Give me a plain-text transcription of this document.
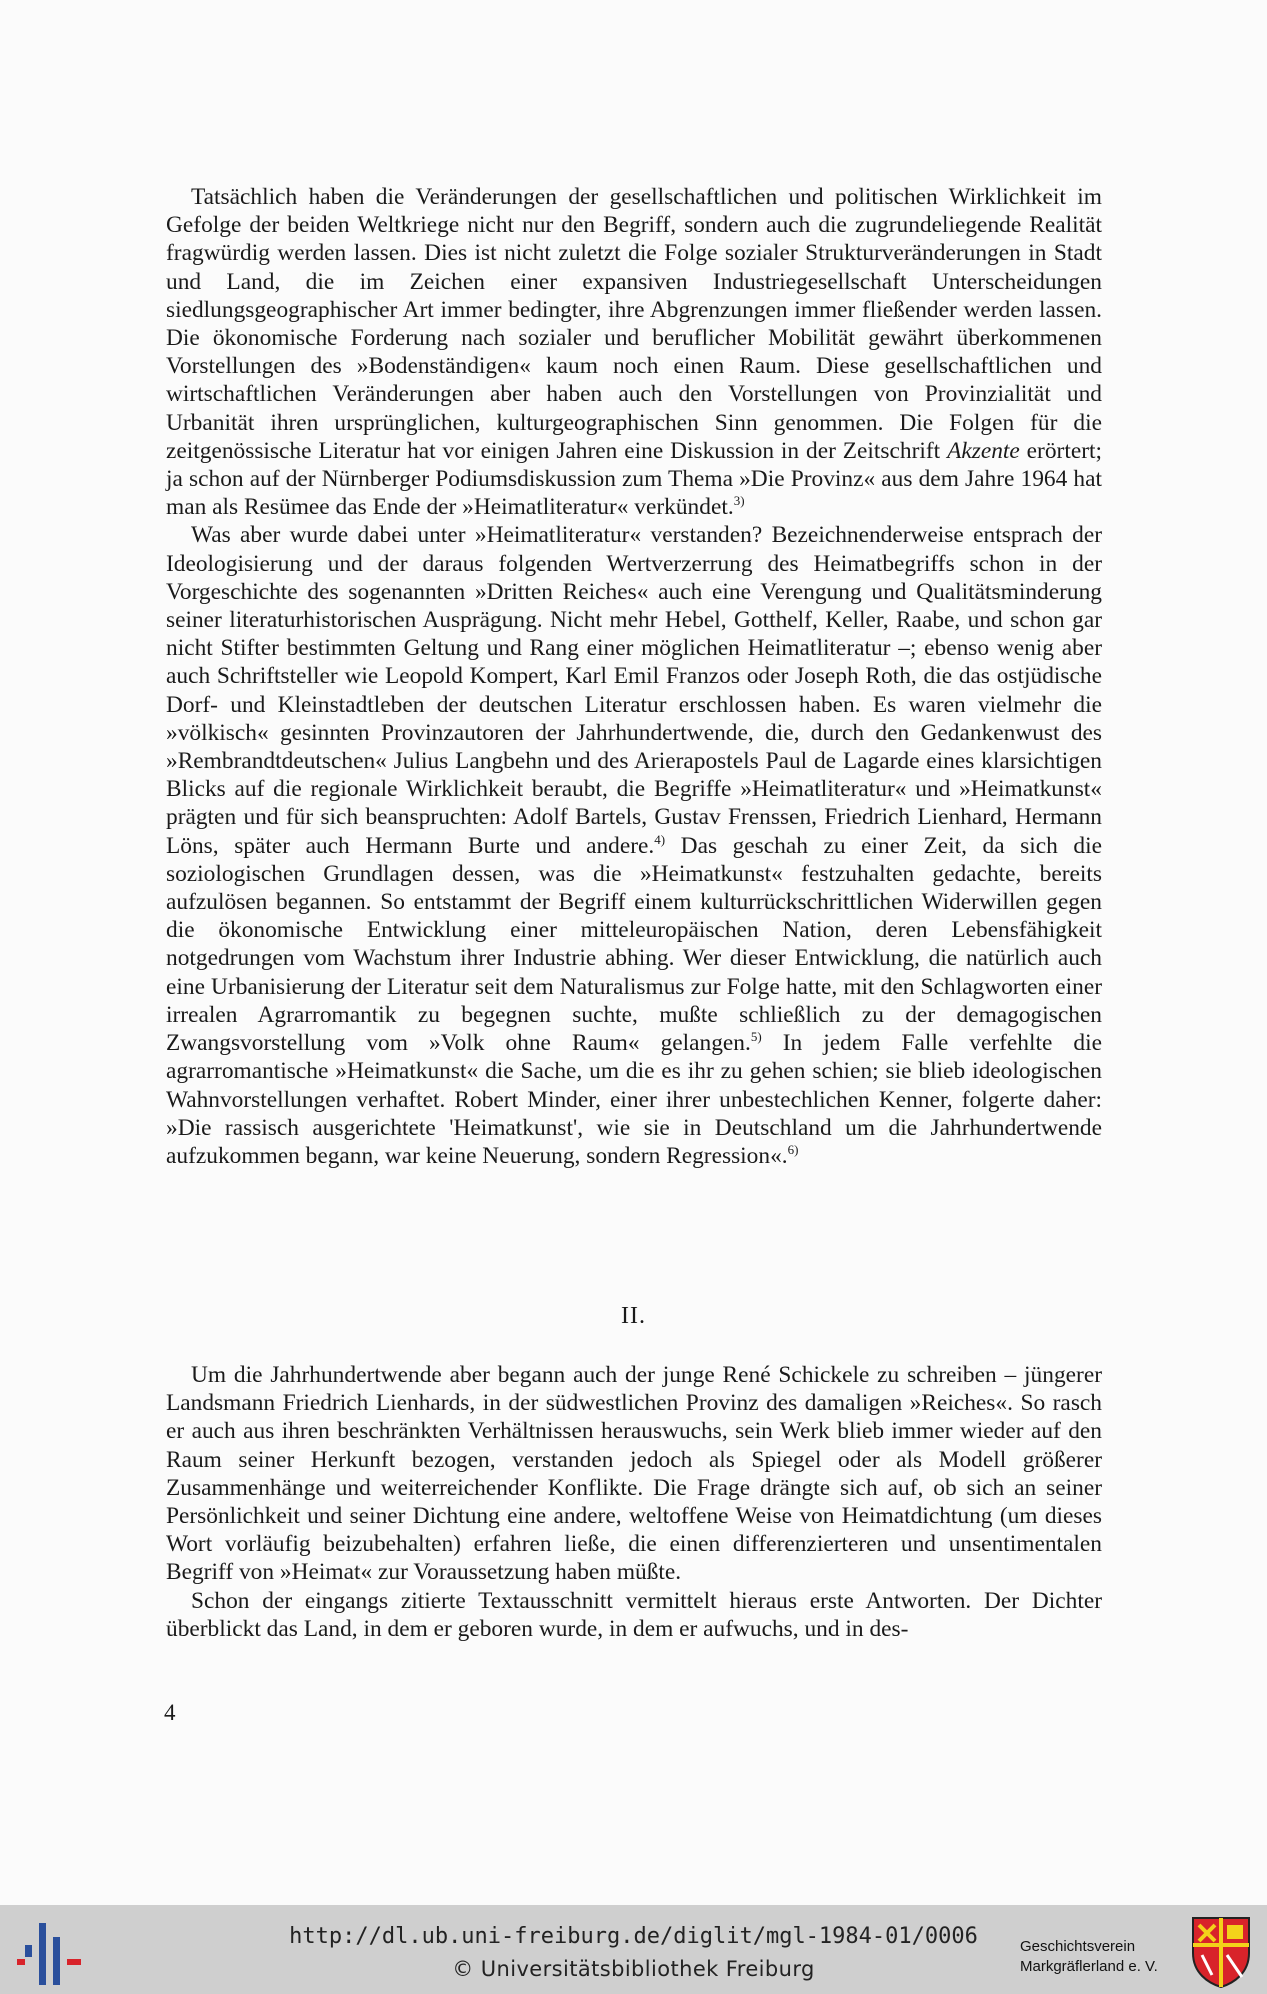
Tatsächlich haben die Veränderungen der gesellschaftlichen und politischen Wirklichkeit im Gefolge der beiden Weltkriege nicht nur den Begriff, sondern auch die zugrundeliegende Realität fragwürdig werden lassen. Dies ist nicht zuletzt die Folge sozialer Strukturveränderungen in Stadt und Land, die im Zeichen einer expansiven Industriegesellschaft Unterscheidungen siedlungsgeographischer Art immer bedingter, ihre Abgrenzungen immer fließender werden lassen. Die ökonomische Forderung nach sozialer und beruflicher Mobilität gewährt überkommenen Vorstellungen des »Bodenständigen« kaum noch einen Raum. Diese gesellschaftlichen und wirtschaftlichen Veränderungen aber haben auch den Vorstellungen von Provinzialität und Urbanität ihren ursprünglichen, kulturgeographischen Sinn genommen. Die Folgen für die zeitgenössische Literatur hat vor einigen Jahren eine Diskussion in der Zeitschrift Akzente erörtert; ja schon auf der Nürnberger Podiumsdiskussion zum Thema »Die Provinz« aus dem Jahre 1964 hat man als Resümee das Ende der »Heimatliteratur« verkündet.$^{3)}$

Was aber wurde dabei unter »Heimatliteratur« verstanden? Bezeichnenderweise entsprach der Ideologisierung und der daraus folgenden Wertverzerrung des Heimatbegriffs schon in der Vorgeschichte des sogenannten »Dritten Reiches« auch eine Verengung und Qualitätsminderung seiner literaturhistorischen Ausprägung. Nicht mehr Hebel, Gotthelf, Keller, Raabe, und schon gar nicht Stifter bestimmten Geltung und Rang einer möglichen Heimatliteratur –; ebenso wenig aber auch Schriftsteller wie Leopold Kompert, Karl Emil Franzos oder Joseph Roth, die das ostjüdische Dorf- und Kleinstadtleben der deutschen Literatur erschlossen haben. Es waren vielmehr die »völkisch« gesinnten Provinzautoren der Jahrhundertwende, die, durch den Gedankenwust des »Rembrandtdeutschen« Julius Langbehn und des Arierapostels Paul de Lagarde eines klarsichtigen Blicks auf die regionale Wirklichkeit beraubt, die Begriffe »Heimatliteratur« und »Heimatkunst« prägten und für sich beanspruchten: Adolf Bartels, Gustav Frenssen, Friedrich Lienhard, Hermann Löns, später auch Hermann Burte und andere.$^{4)}$ Das geschah zu einer Zeit, da sich die soziologischen Grundlagen dessen, was die »Heimatkunst« festzuhalten gedachte, bereits aufzulösen begannen. So entstammt der Begriff einem kulturrückschrittlichen Widerwillen gegen die ökonomische Entwicklung einer mitteleuropäischen Nation, deren Lebensfähigkeit notgedrungen vom Wachstum ihrer Industrie abhing. Wer dieser Entwicklung, die natürlich auch eine Urbanisierung der Literatur seit dem Naturalismus zur Folge hatte, mit den Schlagworten einer irrealen Agrarromantik zu begegnen suchte, mußte schließlich zu der demagogischen Zwangsvorstellung vom »Volk ohne Raum« gelangen.$^{5)}$ In jedem Falle verfehlte die agrarromantische »Heimatkunst« die Sache, um die es ihr zu gehen schien; sie blieb ideologischen Wahnvorstellungen verhaftet. Robert Minder, einer ihrer unbestechlichen Kenner, folgerte daher: »Die rassisch ausgerichtete 'Heimatkunst', wie sie in Deutschland um die Jahrhundertwende aufzukommen begann, war keine Neuerung, sondern Regression«.$^{6)}$

II.

Um die Jahrhundertwende aber begann auch der junge René Schickele zu schreiben – jüngerer Landsmann Friedrich Lienhards, in der südwestlichen Provinz des damaligen »Reiches«. So rasch er auch aus ihren beschränkten Verhältnissen herauswuchs, sein Werk blieb immer wieder auf den Raum seiner Herkunft bezogen, verstanden jedoch als Spiegel oder als Modell größerer Zusammenhänge und weiterreichender Konflikte. Die Frage drängte sich auf, ob sich an seiner Persönlichkeit und seiner Dichtung eine andere, weltoffene Weise von Heimatdichtung (um dieses Wort vorläufig beizubehalten) erfahren ließe, die einen differenzierteren und unsentimentalen Begriff von »Heimat« zur Voraussetzung haben müßte.

Schon der eingangs zitierte Textausschnitt vermittelt hieraus erste Antworten. Der Dichter überblickt das Land, in dem er geboren wurde, in dem er aufwuchs, und in des-

4
http://dl.ub.uni-freiburg.de/diglit/mgl-1984-01/0006
© Universitätsbibliothek Freiburg
Geschichtsverein
Markgräflerland e. V.
